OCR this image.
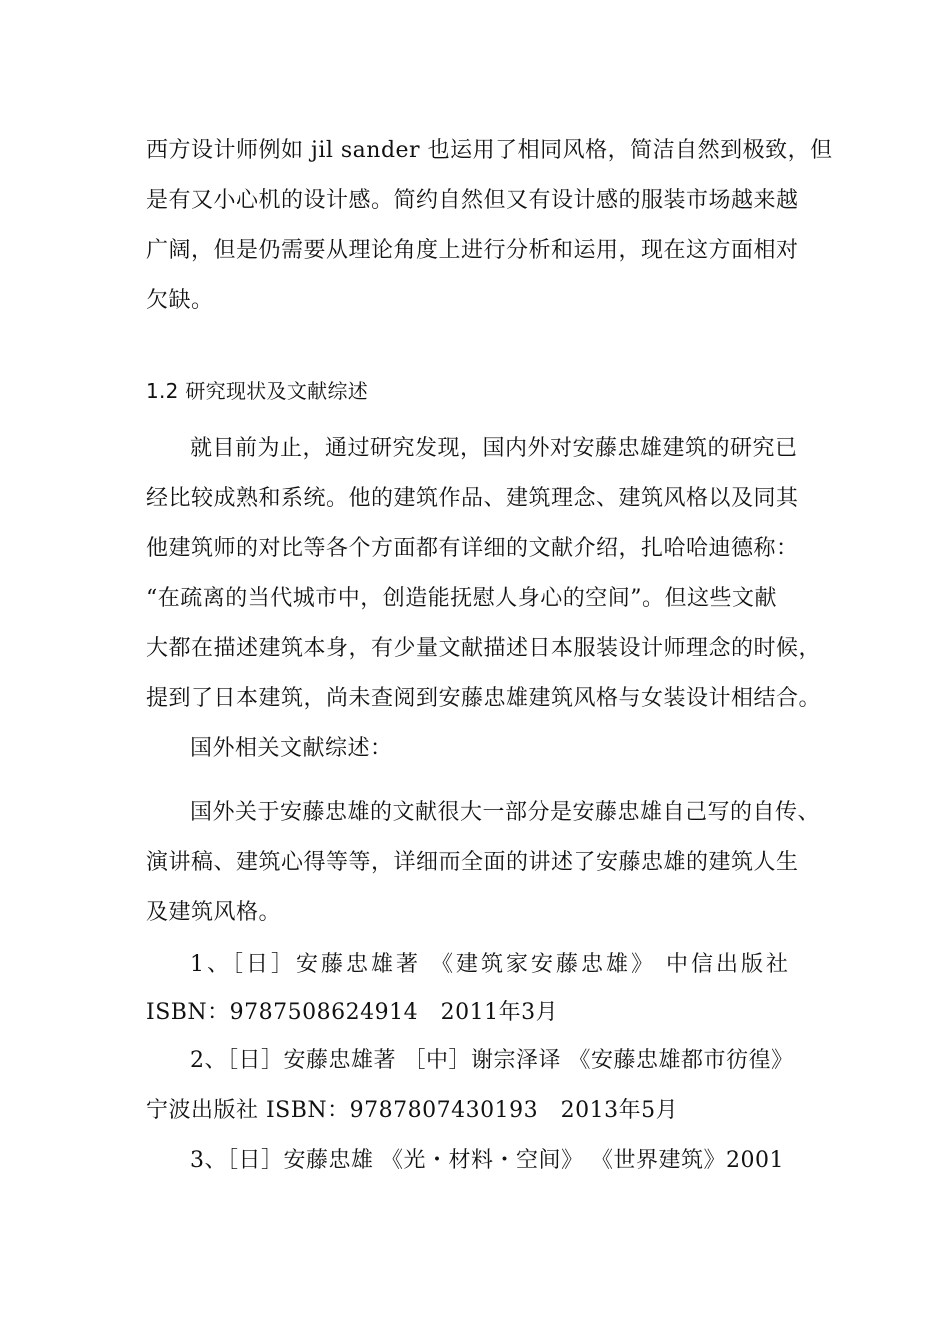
西方设计师例如 jil sander 也运用了相同风格，简洁自然到极致，但
是有又小心机的设计感。简约自然但又有设计感的服装市场越来越
广阔，但是仍需要从理论角度上进行分析和运用，现在这方面相对
欠缺。
1.2 研究现状及文献综述
就目前为止，通过研究发现，国内外对安藤忠雄建筑的研究已
经比较成熟和系统。他的建筑作品、建筑理念、建筑风格以及同其
他建筑师的对比等各个方面都有详细的文献介绍，扎哈哈迪德称：
“在疏离的当代城市中，创造能抚慰人身心的空间”。但这些文献
大都在描述建筑本身，有少量文献描述日本服装设计师理念的时候，
提到了日本建筑，尚未查阅到安藤忠雄建筑风格与女装设计相结合。
国外相关文献综述：
国外关于安藤忠雄的文献很大一部分是安藤忠雄自己写的自传、
演讲稿、建筑心得等等，详细而全面的讲述了安藤忠雄的建筑人生
及建筑风格。
1、［日］安藤忠雄著 《建筑家安藤忠雄》 中信出版社
ISBN：9787508624914　2011年3月
2、［日］安藤忠雄著 ［中］谢宗泽译 《安藤忠雄都市彷徨》
宁波出版社 ISBN：9787807430193　2013年5月
3、［日］安藤忠雄 《光・材料・空间》 《世界建筑》2001
